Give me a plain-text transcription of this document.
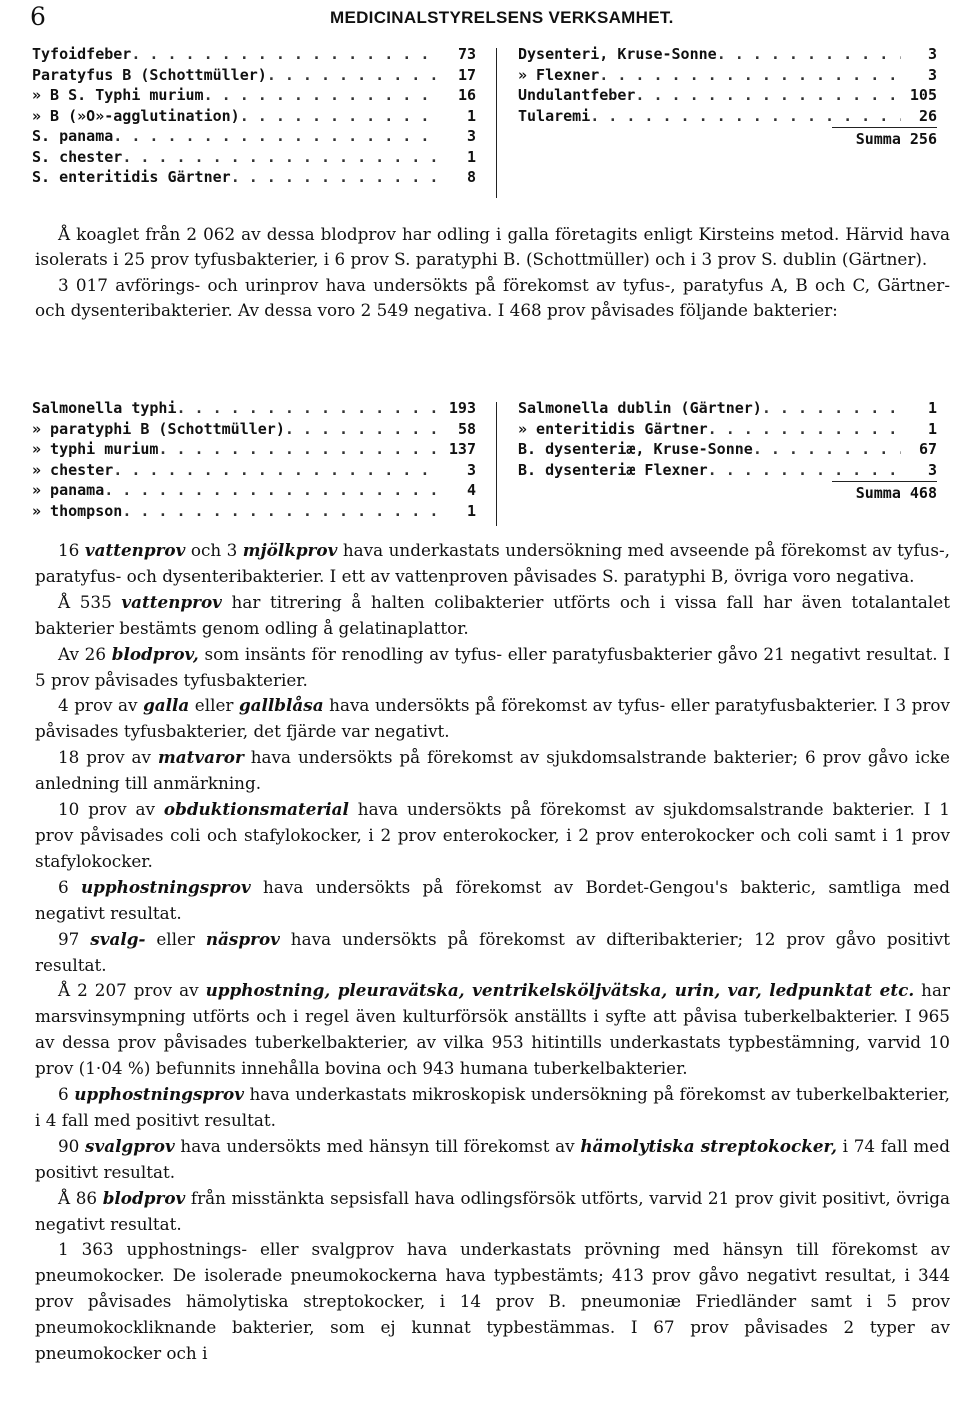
6	MEDICINALSTYRELSENS VERKSAMHET.
Tyfoidfeber . . .	73
Paratyfus B (Schottmüller) . . .	17
» B S. Typhi murium . . .	16
» B (»O»-agglutination) . . .	1
S. panama . . .	3
S. chester . . .	1
S. enteritidis Gärtner . . .	8
Dysenteri, Kruse-Sonne . . .	3
» Flexner . . .	3
Undulantfeber . . .	105
Tularemi . . .	26
Summa 256

Å koaglet från 2 062 av dessa blodprov har odling i galla företagits enligt Kirsteins metod. Härvid hava isolerats i 25 prov tyfusbakterier, i 6 prov S. paratyphi B. (Schottmüller) och i 3 prov S. dublin (Gärtner).

3 017 avförings- och urinprov hava undersökts på förekomst av tyfus-, paratyfus A, B och C, Gärtner- och dysenteribakterier. Av dessa voro 2 549 negativa. I 468 prov påvisades följande bakterier:

Salmonella typhi . . .	193
» paratyphi B (Schottmüller) . . .	58
» typhi murium . . .	137
» chester . . .	3
» panama . . .	4
» thompson . . .	1
Salmonella dublin (Gärtner) . . .	1
» enteritidis Gärtner . . .	1
B. dysenteriæ, Kruse-Sonne . . .	67
B. dysenteriæ Flexner . . .	3
Summa 468

16 vattenprov och 3 mjölkprov hava underkastats undersökning med avseende på förekomst av tyfus-, paratyfus- och dysenteribakterier. I ett av vattenproven påvisades S. paratyphi B, övriga voro negativa.

Å 535 vattenprov har titrering å halten colibakterier utförts och i vissa fall har även totalantalet bakterier bestämts genom odling å gelatinaplattor.

Av 26 blodprov, som insänts för renodling av tyfus- eller paratyfusbakterier gåvo 21 negativt resultat. I 5 prov påvisades tyfusbakterier.

4 prov av galla eller gallblåsa hava undersökts på förekomst av tyfus- eller paratyfusbakterier. I 3 prov påvisades tyfusbakterier, det fjärde var negativt.

18 prov av matvaror hava undersökts på förekomst av sjukdomsalstrande bakterier; 6 prov gåvo icke anledning till anmärkning.

10 prov av obduktionsmaterial hava undersökts på förekomst av sjukdomsalstrande bakterier. I 1 prov påvisades coli och stafylokocker, i 2 prov enterokocker, i 2 prov enterokocker och coli samt i 1 prov stafylokocker.

6 upphostningsprov hava undersökts på förekomst av Bordet-Gengou's bakteric, samtliga med negativt resultat.

97 svalg- eller näsprov hava undersökts på förekomst av difteribakterier; 12 prov gåvo positivt resultat.

Å 2 207 prov av upphostning, pleuravätska, ventrikelsköljvätska, urin, var, ledpunktat etc. har marsvinsympning utförts och i regel även kulturförsök anställts i syfte att påvisa tuberkelbakterier. I 965 av dessa prov påvisades tuberkelbakterier, av vilka 953 hitintills underkastats typbestämning, varvid 10 prov (1·04 %) befunnits innehålla bovina och 943 humana tuberkelbakterier.

6 upphostningsprov hava underkastats mikroskopisk undersökning på förekomst av tuberkelbakterier, i 4 fall med positivt resultat.

90 svalgprov hava undersökts med hänsyn till förekomst av hämolytiska streptokocker, i 74 fall med positivt resultat.

Å 86 blodprov från misstänkta sepsisfall hava odlingsförsök utförts, varvid 21 prov givit positivt, övriga negativt resultat.

1 363 upphostnings- eller svalgprov hava underkastats prövning med hänsyn till förekomst av pneumokocker. De isolerade pneumokockerna hava typbestämts; 413 prov gåvo negativt resultat, i 344 prov påvisades hämolytiska streptokocker, i 14 prov B. pneumoniæ Friedländer samt i 5 prov pneumokockliknande bakterier, som ej kunnat typbestämmas. I 67 prov påvisades 2 typer av pneumokocker och i
